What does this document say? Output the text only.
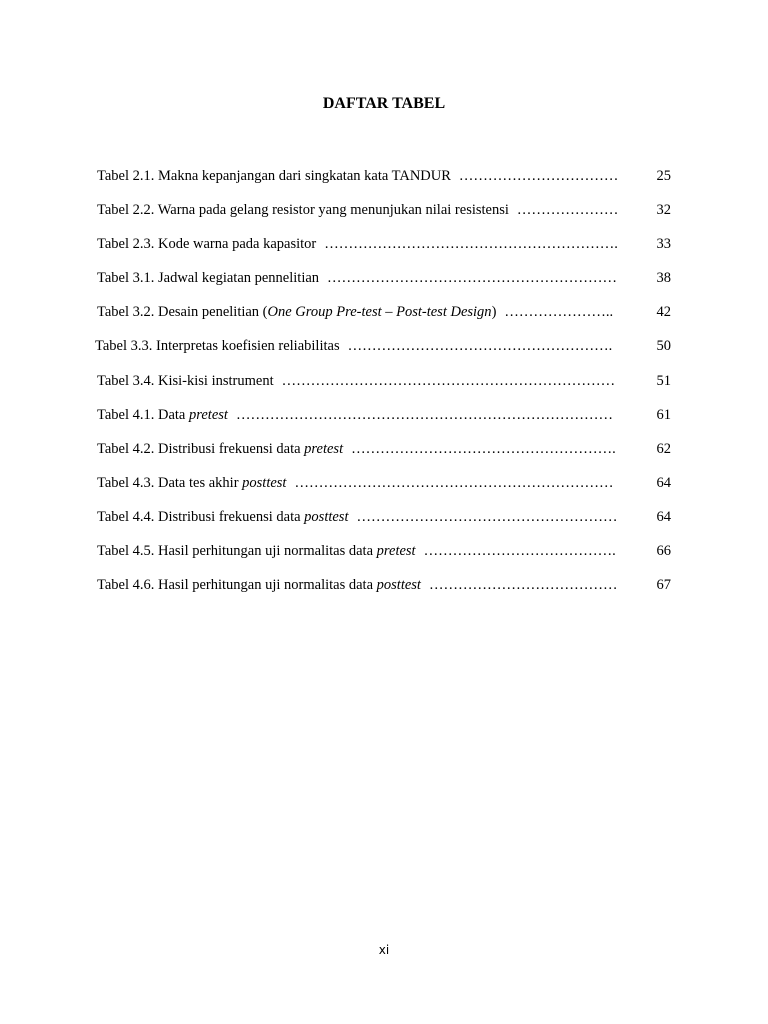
DAFTAR TABEL
Tabel 2.1. Makna kepanjangan dari singkatan kata TANDUR ……………………………	25
Tabel 2.2. Warna pada gelang resistor yang menunjukan nilai resistensi …………………	32
Tabel 2.3. Kode warna pada kapasitor …………………………………………………….	33
Tabel 3.1. Jadwal kegiatan pennelitian ……………………………………………………	38
Tabel 3.2. Desain penelitian (One Group Pre-test – Post-test Design) …………………..	42
Tabel 3.3. Interpretas koefisien reliabilitas ……………………………………………….	50
Tabel 3.4. Kisi-kisi instrument ……………………………………………………………	51
Tabel 4.1. Data pretest ……………………………………………………………………	61
Tabel 4.2. Distribusi frekuensi data pretest ……………………………………………….	62
Tabel 4.3. Data tes akhir posttest …………………………………………………………	64
Tabel 4.4. Distribusi frekuensi data posttest ………………………………………………	64
Tabel 4.5. Hasil perhitungan uji normalitas data pretest ………………………………….	66
Tabel 4.6. Hasil perhitungan uji normalitas data posttest …………………………………	67
xi
